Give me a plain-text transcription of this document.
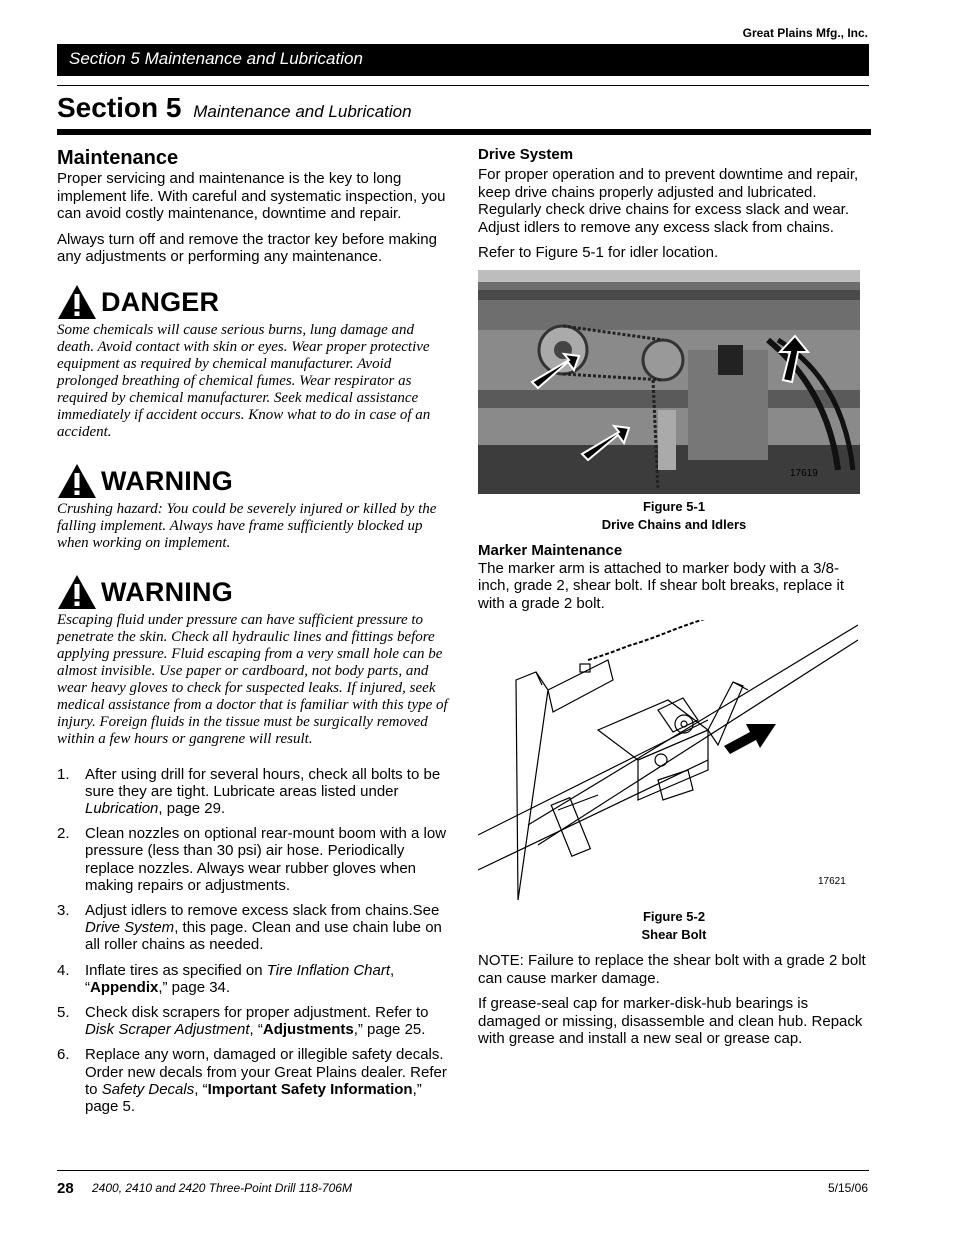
Great Plains Mfg., Inc.
Section 5 Maintenance and Lubrication
Section 5 Maintenance and Lubrication
Maintenance

Proper servicing and maintenance is the key to long implement life. With careful and systematic inspection, you can avoid costly maintenance, downtime and repair.

Always turn off and remove the tractor key before making any adjustments or performing any maintenance.

DANGER
Some chemicals will cause serious burns, lung damage and death. Avoid contact with skin or eyes. Wear proper protective equipment as required by chemical manufacturer. Avoid prolonged breathing of chemical fumes. Wear respirator as required by chemical manufacturer. Seek medical assistance immediately if accident occurs. Know what to do in case of an accident.
WARNING
Crushing hazard: You could be severely injured or killed by the falling implement. Always have frame sufficiently blocked up when working on implement.
WARNING
Escaping fluid under pressure can have sufficient pressure to penetrate the skin. Check all hydraulic lines and fittings before applying pressure. Fluid escaping from a very small hole can be almost invisible. Use paper or cardboard, not body parts, and wear heavy gloves to check for suspected leaks. If injured, seek medical assistance from a doctor that is familiar with this type of injury. Foreign fluids in the tissue must be surgically removed within a few hours or gangrene will result.
1.	After using drill for several hours, check all bolts to be sure they are tight. Lubricate areas listed under Lubrication, page 29.
2.	Clean nozzles on optional rear-mount boom with a low pressure (less than 30 psi) air hose. Periodically replace nozzles. Always wear rubber gloves when making repairs or adjustments.
3.	Adjust idlers to remove excess slack from chains.See Drive System, this page. Clean and use chain lube on all roller chains as needed.
4.	Inflate tires as specified on Tire Inflation Chart, “Appendix,” page 34.
5.	Check disk scrapers for proper adjustment. Refer to Disk Scraper Adjustment, “Adjustments,” page 25.
6.	Replace any worn, damaged or illegible safety decals. Order new decals from your Great Plains dealer. Refer to Safety Decals, “Important Safety Information,” page 5.
Drive System

For proper operation and to prevent downtime and repair, keep drive chains properly adjusted and lubricated. Regularly check drive chains for excess slack and wear. Adjust idlers to remove any excess slack from chains.

Refer to Figure 5-1 for idler location.

17619
Figure 5-1
Drive Chains and Idlers
Marker Maintenance

The marker arm is attached to marker body with a 3/8-inch, grade 2, shear bolt. If shear bolt breaks, replace it with a grade 2 bolt.

17621
Figure 5-2
Shear Bolt

NOTE: Failure to replace the shear bolt with a grade 2 bolt can cause marker damage.

If grease-seal cap for marker-disk-hub bearings is damaged or missing, disassemble and clean hub. Repack with grease and install a new seal or grease cap.

28 2400, 2410 and 2420 Three-Point Drill 118-706M	5/15/06
